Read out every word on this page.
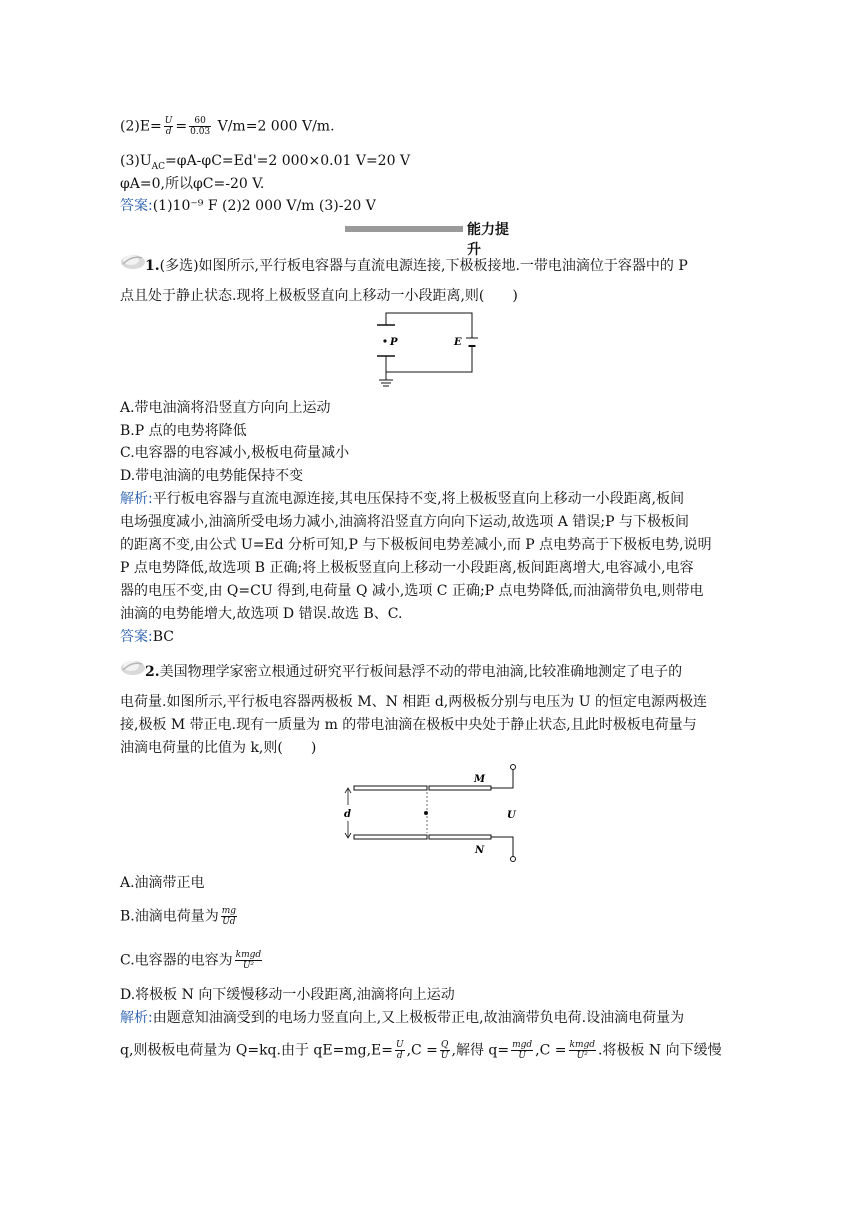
$(2)E= \frac{U}{d} = \frac{60}{0.03} V/m=2$ 000 V/m.
$(3)U_{AC}=\varphi A-\varphi C=Ed'=2$ 000×0.01 V=20 V
φA=0,所以φC=-20 V.
答案:(1)10⁻⁹ F (2)2 000 V/m (3)-20 V
能力提升
1.(多选)如图所示,平行板电容器与直流电源连接,下极板接地.一带电油滴位于容器中的 P
点且处于静止状态.现将上极板竖直向上移动一小段距离,则(　　)
P	E
A.带电油滴将沿竖直方向向上运动
B.P 点的电势将降低
C.电容器的电容减小,极板电荷量减小
D.带电油滴的电势能保持不变
解析:平行板电容器与直流电源连接,其电压保持不变,将上极板竖直向上移动一小段距离,板间
电场强度减小,油滴所受电场力减小,油滴将沿竖直方向向下运动,故选项 A 错误;P 与下极板间
的距离不变,由公式 U=Ed 分析可知,P 与下极板间电势差减小,而 P 点电势高于下极板电势,说明
P 点电势降低,故选项 B 正确;将上极板竖直向上移动一小段距离,板间距离增大,电容减小,电容
器的电压不变,由 Q=CU 得到,电荷量 Q 减小,选项 C 正确;P 点电势降低,而油滴带负电,则带电
油滴的电势能增大,故选项 D 错误.故选 B、C.
答案:BC
2.美国物理学家密立根通过研究平行板间悬浮不动的带电油滴,比较准确地测定了电子的
电荷量.如图所示,平行板电容器两极板 M、N 相距 d,两极板分别与电压为 U 的恒定电源两极连
接,极板 M 带正电.现有一质量为 m 的带电油滴在极板中央处于静止状态,且此时极板电荷量与
油滴电荷量的比值为 k,则(　　)
d
M
N
U
A.油滴带正电
B.油滴电荷量为 $\frac{mg}{Ud}$
C.电容器的电容为 $\frac{\text{kmgd}}{\text{U²}}$
D.将极板 N 向下缓慢移动一小段距离,油滴将向上运动
解析:由题意知油滴受到的电场力竖直向上,又上极板带正电,故油滴带负电荷.设油滴电荷量为
q,则极板电荷量为 Q=kq.由于 $qE=mg,E= \frac{U}{d} ,C = \frac{Q}{U}$ ,解得 $q= \frac{\text{mgd}}{U} ,C = \frac{\text{kmgd}}{\text{U²}}$ .将极板 N 向下缓慢
